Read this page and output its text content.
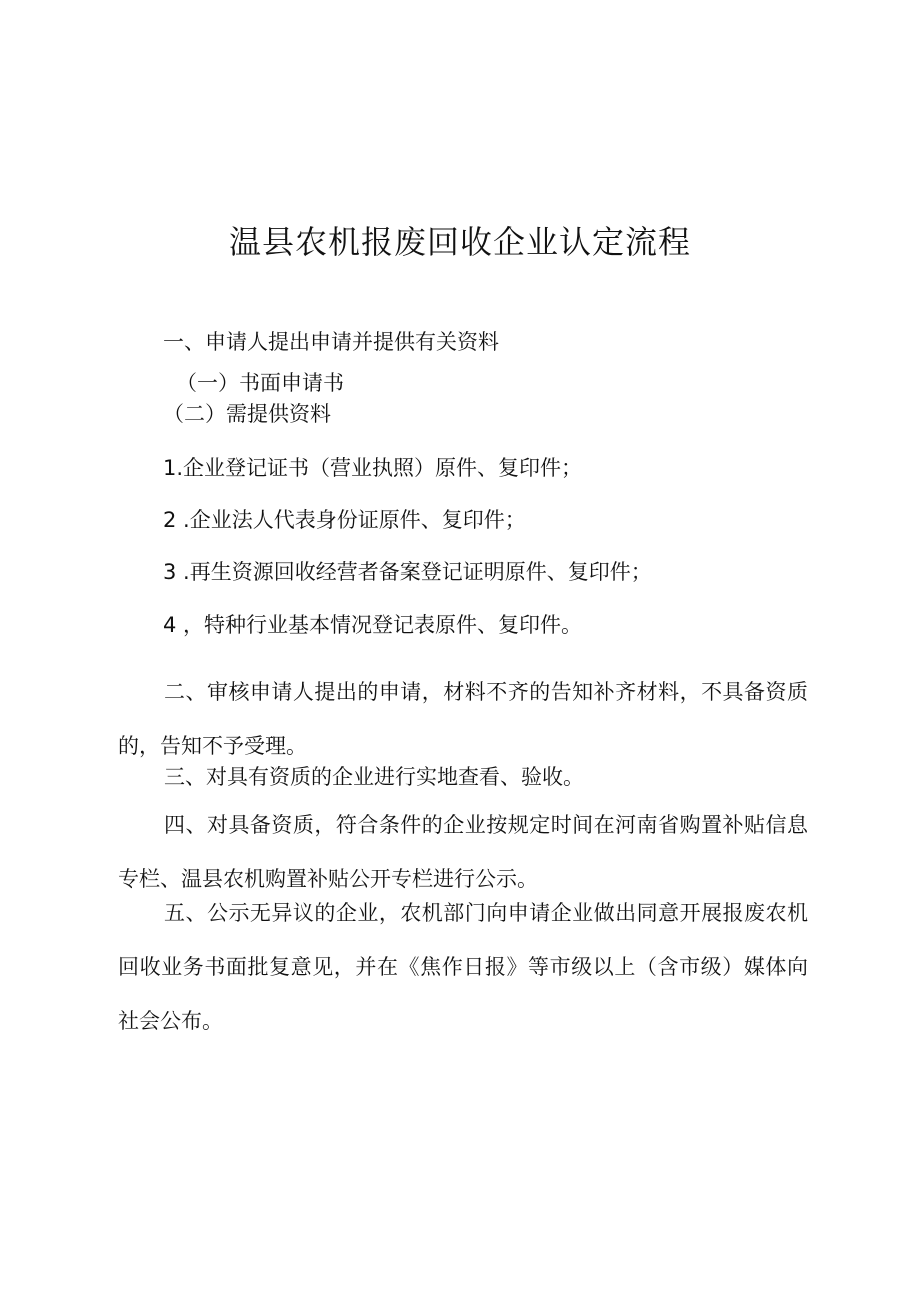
温县农机报废回收企业认定流程
一、申请人提出申请并提供有关资料
（一）书面申请书
（二）需提供资料
1.企业登记证书（营业执照）原件、复印件；
2 .企业法人代表身份证原件、复印件；
3 .再生资源回收经营者备案登记证明原件、复印件；
4 ，特种行业基本情况登记表原件、复印件。
二、审核申请人提出的申请，材料不齐的告知补齐材料，不具备资质的，告知不予受理。
三、对具有资质的企业进行实地查看、验收。
四、对具备资质，符合条件的企业按规定时间在河南省购置补贴信息专栏、温县农机购置补贴公开专栏进行公示。
五、公示无异议的企业，农机部门向申请企业做出同意开展报废农机回收业务书面批复意见，并在《焦作日报》等市级以上（含市级）媒体向社会公布。
